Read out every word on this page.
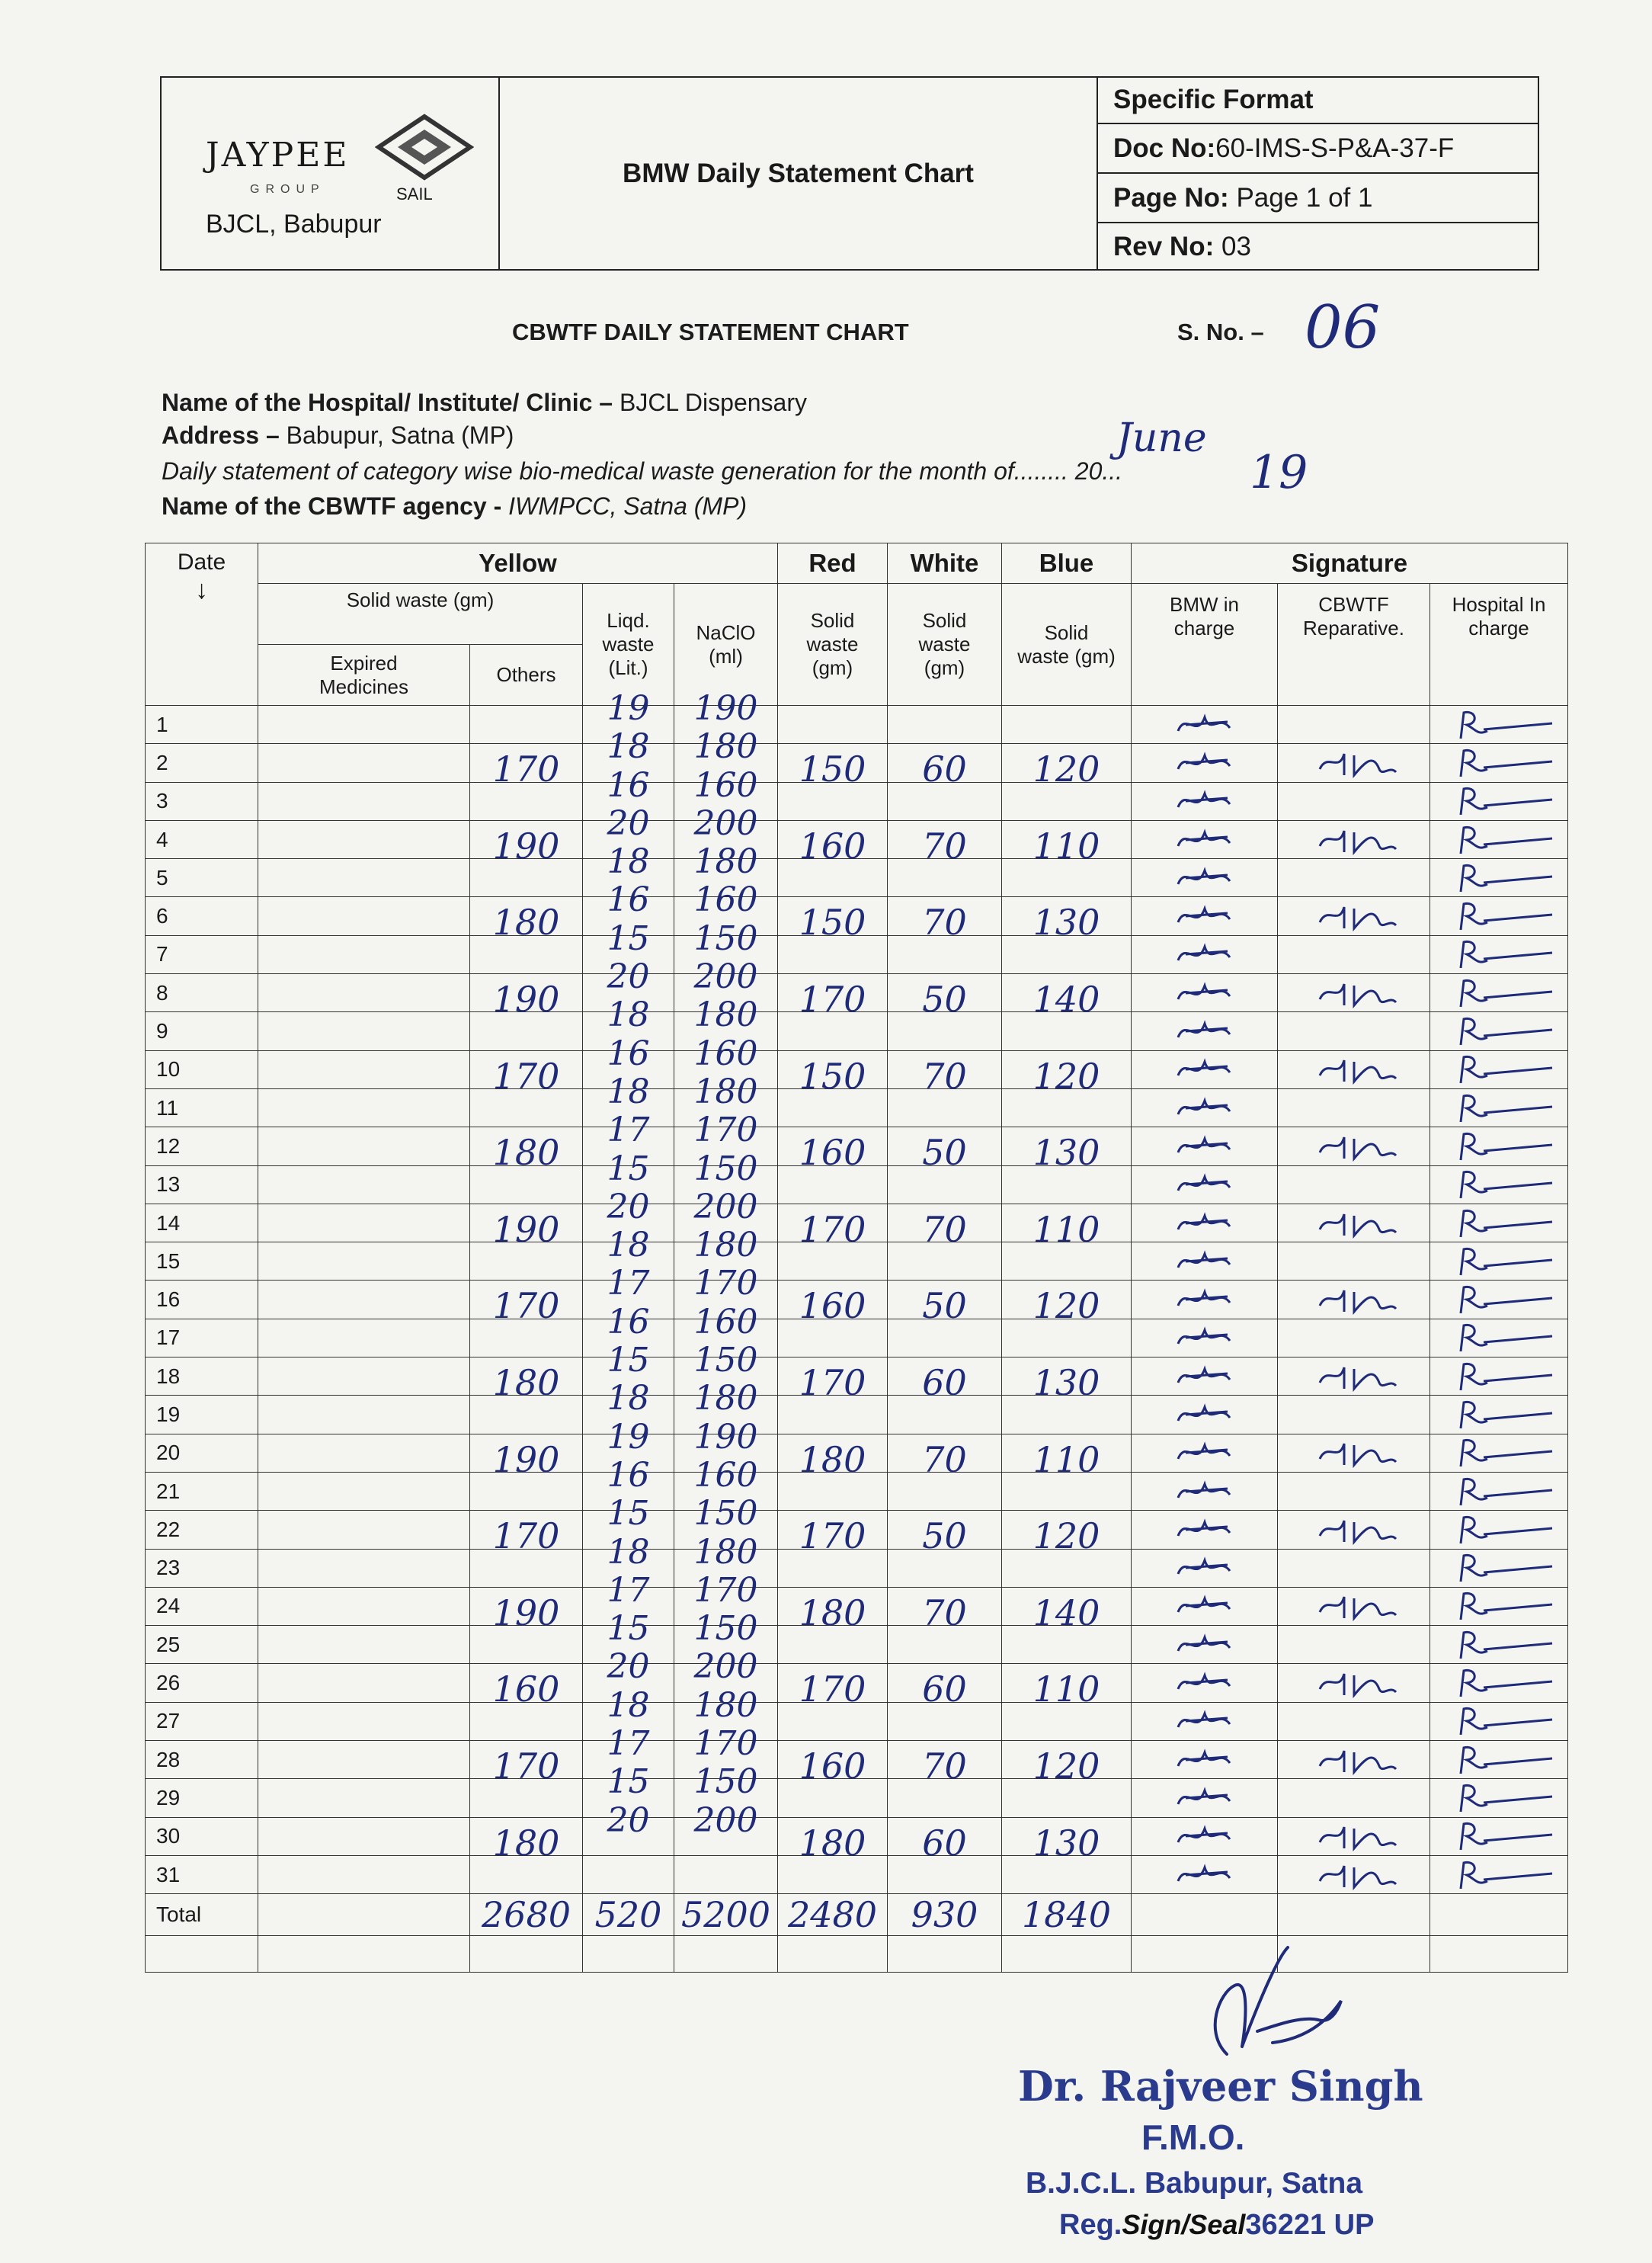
JAYPEE
GROUP	SAIL
BJCL, Babupur
BMW Daily Statement Chart
Specific Format
Doc No: 60-IMS-S-P&A-37-F
Page No:
Page 1 of 1
Rev No:
03
CBWTF DAILY STATEMENT CHART	S. No. – 06
Name of the Hospital/ Institute/ Clinic – BJCL Dispensary
Address – Babupur, Satna (MP)	June
Daily statement of category wise bio-medical waste generation for the month of........ 20...	19
Name of the CBWTF agency - IWMPCC, Satna (MP)
Date
↓	Yellow				Red	White	Blue	Signature		
	Solid waste (gm)		Liqd. waste (Lit.)	NaClO (ml)	Solid waste (gm)	Solid waste (gm)	Solid waste (gm)	BMW in charge	CBWTF Reparative.	Hospital In charge
	Expired Medicines	Others								
1			19	190

2		170	18	180	150	60	120

3			16	160

4		190	20	200	160	70	110

5			18	180

6		180	16	160	150	70	130

7			15	150

8		190	20	200	170	50	140

9			18	180

10		170	16	160	150	70	120

11			18	180

12		180	17	170	160	50	130

13			15	150

14		190	20	200	170	70	110

15			18	180

16		170	17	170	160	50	120

17			16	160

18		180	15	150	170	60	130

19			18	180

20		190	19	190	180	70	110

21			16	160

22		170	15	150	170	50	120

23			18	180

24		190	17	170	180	70	140

25			15	150

26		160	20	200	170	60	110

27			18	180

28		170	17	170	160	70	120

29			15	150

30		180	20	200	180	60	130

31		

Total		2680	520	5200	2480	930	1840			

Dr. Rajveer Singh
F.M.O.
B.J.C.L. Babupur, Satna
Reg.Sign/Seal36221 UP
